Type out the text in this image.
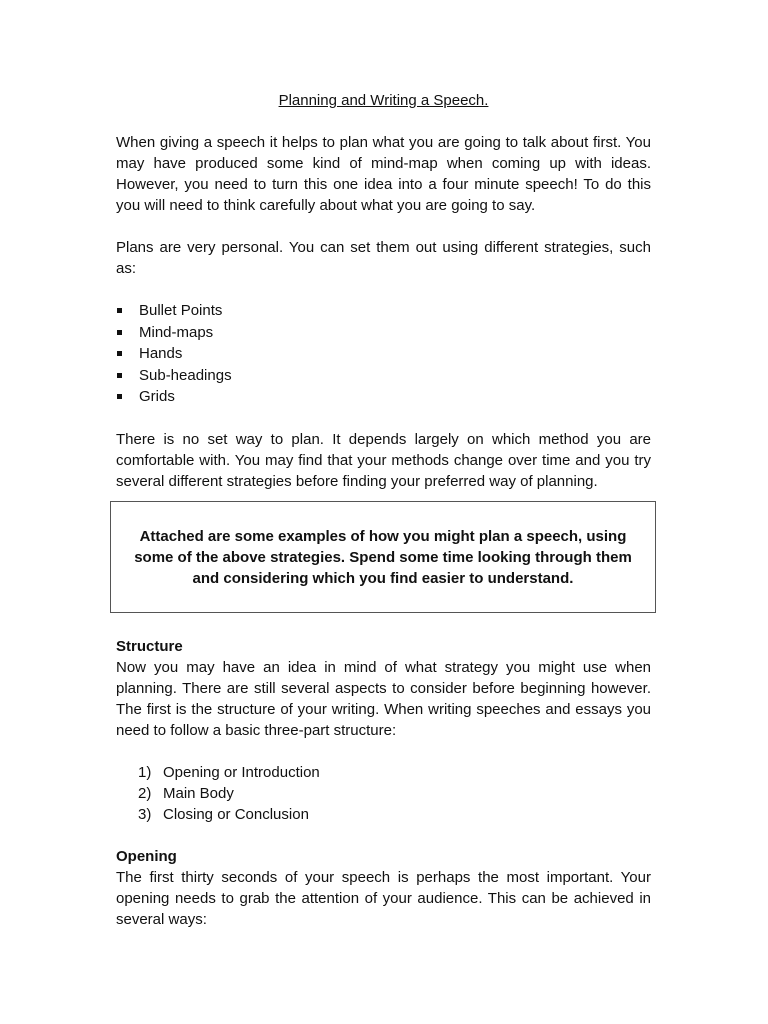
Planning and Writing a Speech.

When giving a speech it helps to plan what you are going to talk about first. You may have produced some kind of mind-map when coming up with ideas. However, you need to turn this one idea into a four minute speech! To do this you will need to think carefully about what you are going to say.

Plans are very personal. You can set them out using different strategies, such as:

Bullet Points
Mind-maps
Hands
Sub-headings
Grids

There is no set way to plan. It depends largely on which method you are comfortable with. You may find that your methods change over time and you try several different strategies before finding your preferred way of planning.

Attached are some examples of how you might plan a speech, using
some of the above strategies. Spend some time looking through them
and considering which you find easier to understand.
Structure

Now you may have an idea in mind of what strategy you might use when planning. There are still several aspects to consider before beginning however. The first is the structure of your writing. When writing speeches and essays you need to follow a basic three-part structure:

1) Opening or Introduction
2) Main Body
3) Closing or Conclusion
Opening

The first thirty seconds of your speech is perhaps the most important. Your opening needs to grab the attention of your audience. This can be achieved in several ways:
